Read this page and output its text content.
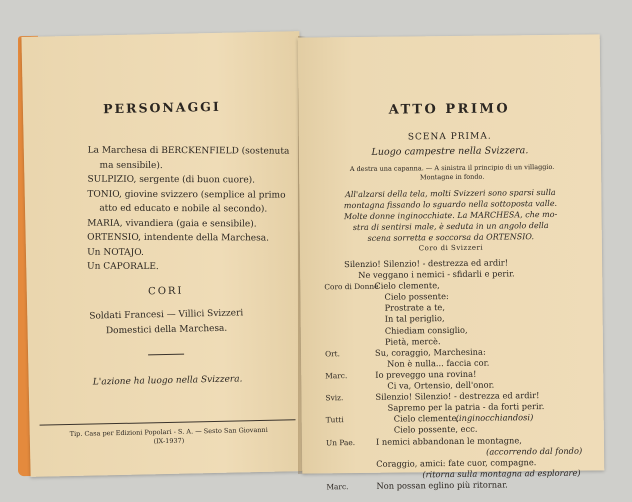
PERSONAGGI
La Marchesa di BERCKENFIELD (sostenuta
ma sensibile).
SULPIZIO, sergente (di buon cuore).
TONIO, giovine svizzero (semplice al primo
atto ed educato e nobile al secondo).
MARIA, vivandiera (gaia e sensibile).
ORTENSIO, intendente della Marchesa.
Un NOTAJO.
Un CAPORALE.
CORI
Soldati Francesi — Villici Svizzeri
Domestici della Marchesa.
L'azione ha luogo nella Svizzera.
Tip. Casa per Edizioni Popolari - S. A. — Sesto San Giovanni
(IX-1937)
ATTO PRIMO
SCENA PRIMA.
Luogo campestre nella Svizzera.
A destra una capanna. — A sinistra il principio di un villaggio.
Montagne in fondo.
All'alzarsi della tela, molti Svizzeri sono sparsi sulla
montagna fissando lo sguardo nella sottoposta valle.
Molte donne inginocchiate. La MARCHESA, che mo-
stra di sentirsi male, è seduta in un angolo della
scena sorretta e soccorsa da ORTENSIO.
Coro di Svizzeri
Silenzio! Silenzio! - destrezza ed ardir!
Ne veggano i nemici - sfidarli e perir.
Coro di Donne
Cielo clemente,
Cielo possente:
Prostrate a te,
In tal periglio,
Chiediam consiglio,
Pietà, mercè.
Ort.	Su, coraggio, Marchesina:
Non è nulla... faccia cor.
Marc.	Io preveggo una rovina!
Ci va, Ortensio, dell'onor.
Sviz.	Silenzio! Silenzio! - destrezza ed ardir!
Sapremo per la patria - da forti perir.
Tutti	Cielo clemente,
(inginocchiandosi)
Cielo possente, ecc.
Un Pae.	I nemici abbandonan le montagne,
(accorrendo dal fondo)
Coraggio, amici: fate cuor, compagne.
(ritorna sulla montagna ad esplorare)
Marc.	Non possan eglino più ritornar.
